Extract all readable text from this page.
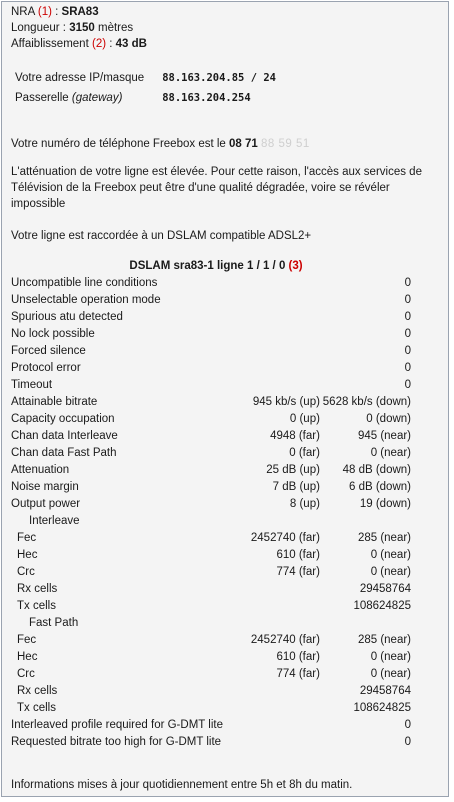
NRA (1) : SRA83
Longueur : 3150 mètres
Affaiblissement (2) : 43 dB
Votre adresse IP/masque 88.163.204.85 / 24
Passerelle (gateway)	88.163.204.254
Votre numéro de téléphone Freebox est le 08 71 88 59 51
L'atténuation de votre ligne est élevée. Pour cette raison, l'accès aux services de Télévision de la Freebox peut être d'une qualité dégradée, voire se révéler impossible
Votre ligne est raccordée à un DSLAM compatible ADSL2+
DSLAM sra83-1 ligne 1 / 1 / 0 (3)
Uncompatible line conditions		0
Unselectable operation mode		0
Spurious atu detected		0
No lock possible		0
Forced silence		0
Protocol error		0
Timeout		0
Attainable bitrate	945 kb/s (up)	5628 kb/s (down)
Capacity occupation	0 (up)	0 (down)
Chan data Interleave	4948 (far)	945 (near)
Chan data Fast Path	0 (far)	0 (near)
Attenuation	25 dB (up)	48 dB (down)
Noise margin	7 dB (up)	6 dB (down)
Output power	8 (up)	19 (down)
Interleave		
Fec	2452740 (far)	285 (near)
Hec	610 (far)	0 (near)
Crc	774 (far)	0 (near)
Rx cells		29458764
Tx cells		108624825
Fast Path		
Fec	2452740 (far)	285 (near)
Hec	610 (far)	0 (near)
Crc	774 (far)	0 (near)
Rx cells		29458764
Tx cells		108624825
Interleaved profile required for G-DMT lite		0
Requested bitrate too high for G-DMT lite		0
Informations mises à jour quotidiennement entre 5h et 8h du matin.
